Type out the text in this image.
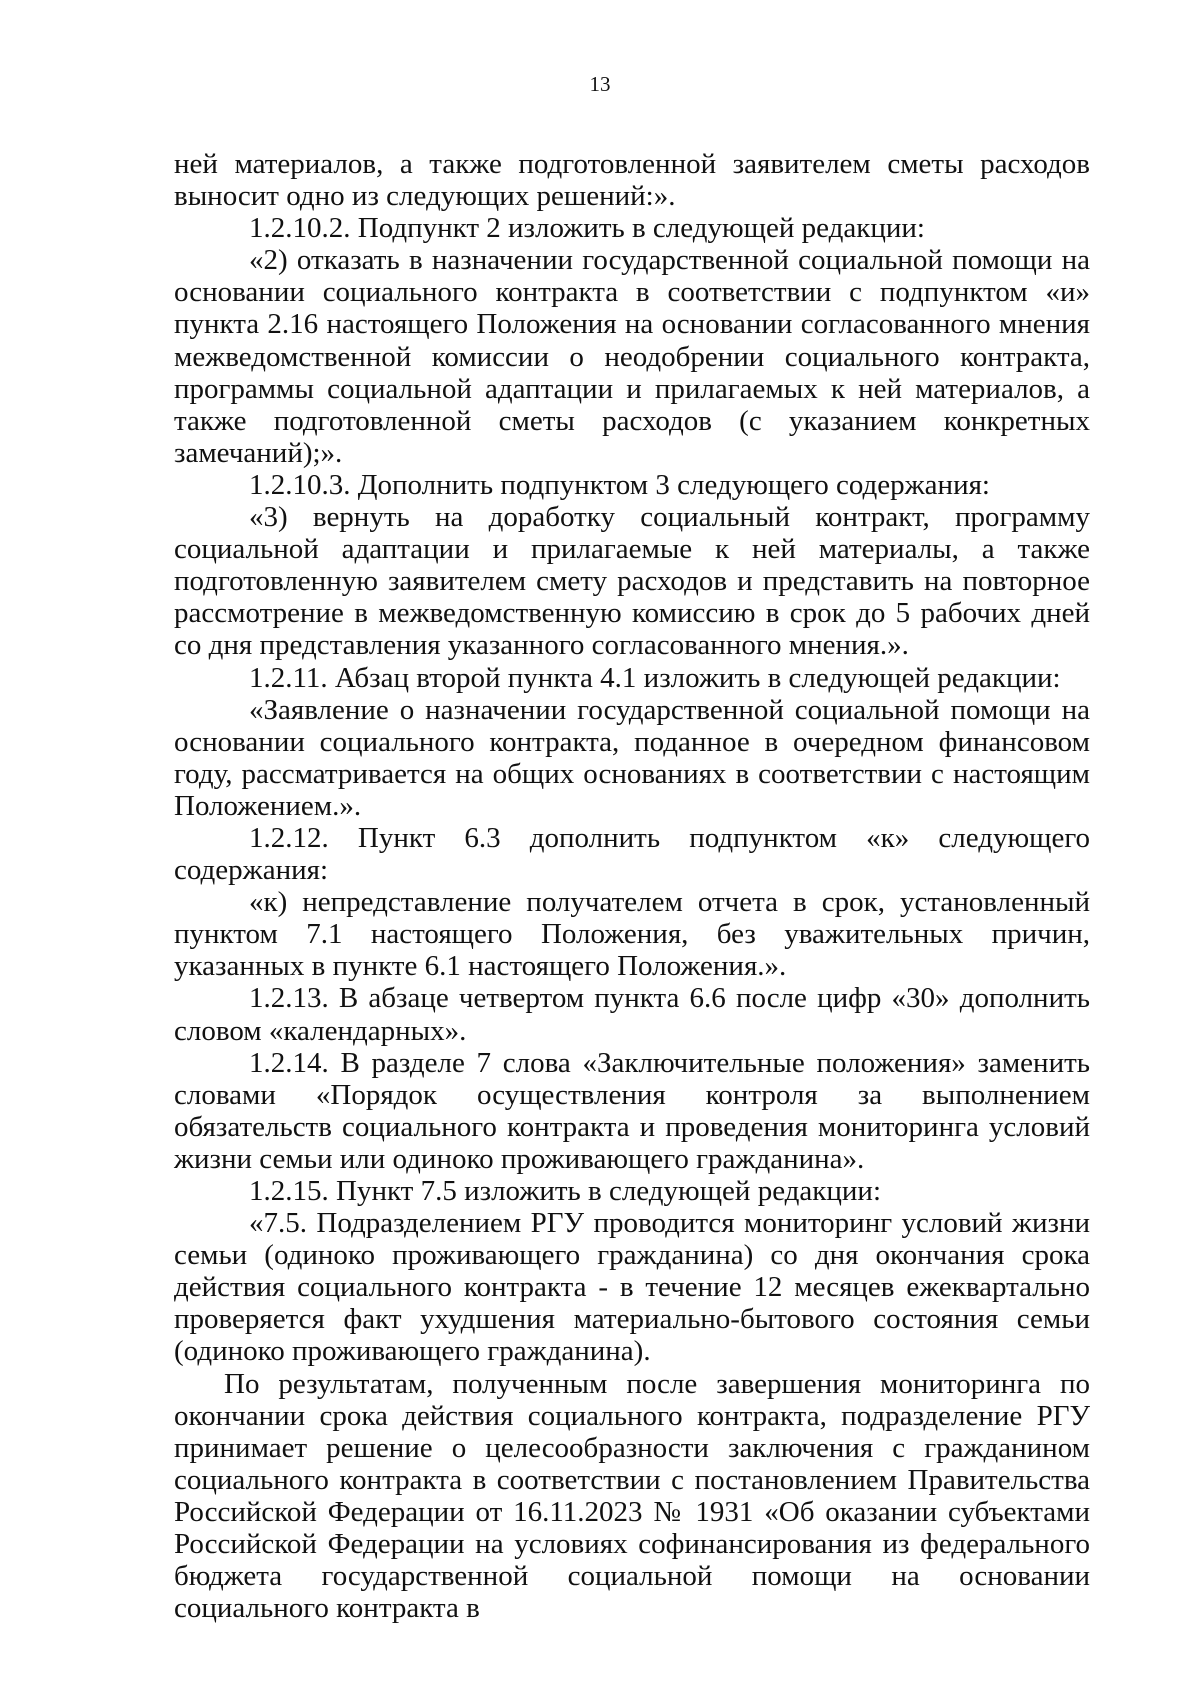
13

ней материалов, а также подготовленной заявителем сметы расходов выносит одно из следующих решений:».

1.2.10.2. Подпункт 2 изложить в следующей редакции:

«2) отказать в назначении государственной социальной помощи на основании социального контракта в соответствии с подпунктом «и» пункта 2.16 настоящего Положения на основании согласованного мнения межведомственной комиссии о неодобрении социального контракта, программы социальной адаптации и прилагаемых к ней материалов, а также подготовленной сметы расходов (с указанием конкретных замечаний);».

1.2.10.3. Дополнить подпунктом 3 следующего содержания:

«3) вернуть на доработку социальный контракт, программу социальной адаптации и прилагаемые к ней материалы, а также подготовленную заявителем смету расходов и представить на повторное рассмотрение в межведомственную комиссию в срок до 5 рабочих дней со дня представления указанного согласованного мнения.».

1.2.11. Абзац второй пункта 4.1 изложить в следующей редакции:

«Заявление о назначении государственной социальной помощи на основании социального контракта, поданное в очередном финансовом году, рассматривается на общих основаниях в соответствии с настоящим Положением.».

1.2.12. Пункт 6.3 дополнить подпунктом «к» следующего содержания:

«к) непредставление получателем отчета в срок, установленный пунктом 7.1 настоящего Положения, без уважительных причин, указанных в пункте 6.1 настоящего Положения.».

1.2.13. В абзаце четвертом пункта 6.6 после цифр «30» дополнить словом «календарных».

1.2.14. В разделе 7 слова «Заключительные положения» заменить словами «Порядок осуществления контроля за выполнением обязательств социального контракта и проведения мониторинга условий жизни семьи или одиноко проживающего гражданина».

1.2.15. Пункт 7.5 изложить в следующей редакции:

«7.5. Подразделением РГУ проводится мониторинг условий жизни семьи (одиноко проживающего гражданина) со дня окончания срока действия социального контракта - в течение 12 месяцев ежеквартально проверяется факт ухудшения материально-бытового состояния семьи (одиноко проживающего гражданина).

По результатам, полученным после завершения мониторинга по окончании срока действия социального контракта, подразделение РГУ принимает решение о целесообразности заключения с гражданином социального контракта в соответствии с постановлением Правительства Российской Федерации от 16.11.2023 № 1931 «Об оказании субъектами Российской Федерации на условиях софинансирования из федерального бюджета государственной социальной помощи на основании социального контракта в
